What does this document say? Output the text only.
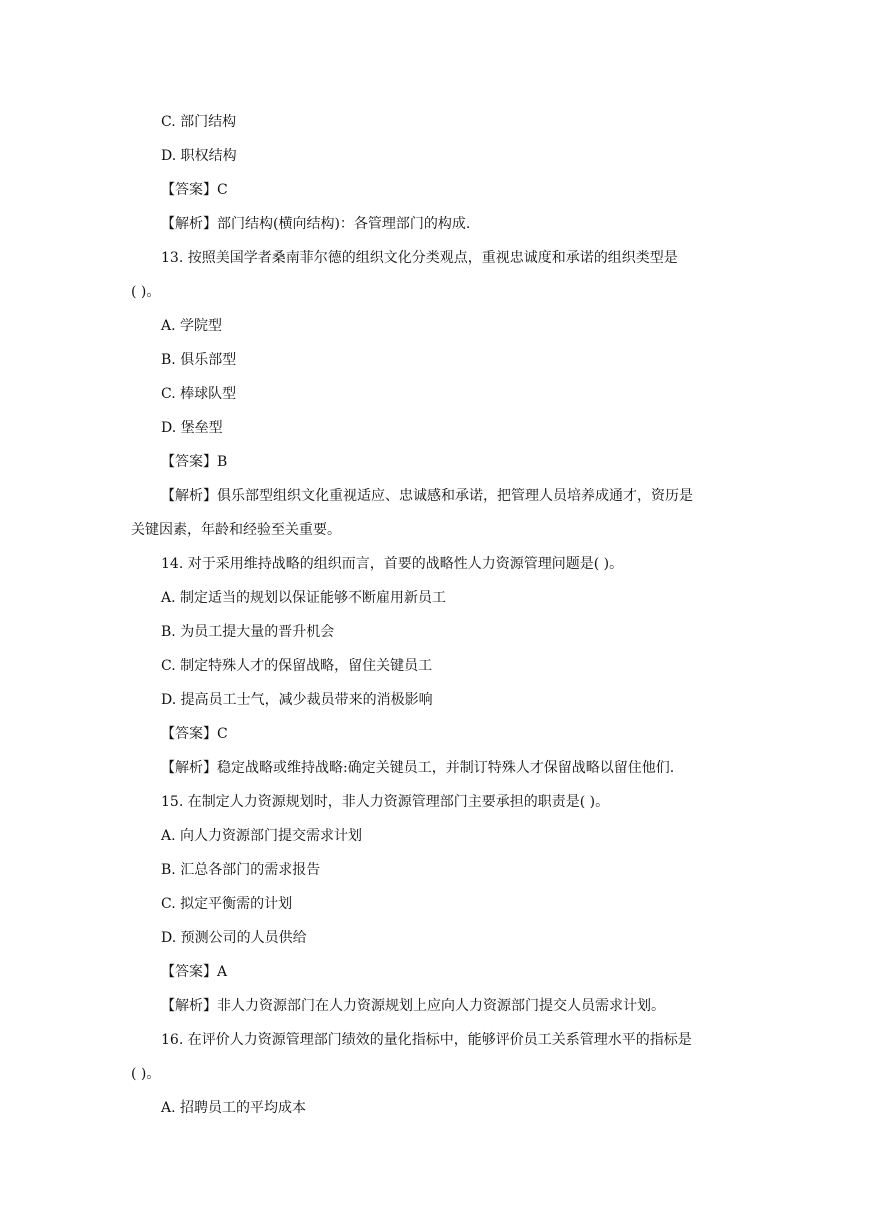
C. 部门结构
D. 职权结构
【答案】C
【解析】部门结构(横向结构)：各管理部门的构成.
13. 按照美国学者桑南菲尔德的组织文化分类观点，重视忠诚度和承诺的组织类型是
( )。
A. 学院型
B. 俱乐部型
C. 棒球队型
D. 堡垒型
【答案】B
【解析】俱乐部型组织文化重视适应、忠诚感和承诺，把管理人员培养成通才，资历是
关键因素，年龄和经验至关重要。
14. 对于采用维持战略的组织而言，首要的战略性人力资源管理问题是( )。
A. 制定适当的规划以保证能够不断雇用新员工
B. 为员工提大量的晋升机会
C. 制定特殊人才的保留战略，留住关键员工
D. 提高员工士气，减少裁员带来的消极影响
【答案】C
【解析】稳定战略或维持战略:确定关键员工，并制订特殊人才保留战略以留住他们.
15. 在制定人力资源规划时，非人力资源管理部门主要承担的职责是( )。
A. 向人力资源部门提交需求计划
B. 汇总各部门的需求报告
C. 拟定平衡需的计划
D. 预测公司的人员供给
【答案】A
【解析】非人力资源部门在人力资源规划上应向人力资源部门提交人员需求计划。
16. 在评价人力资源管理部门绩效的量化指标中，能够评价员工关系管理水平的指标是
( )。
A. 招聘员工的平均成本
